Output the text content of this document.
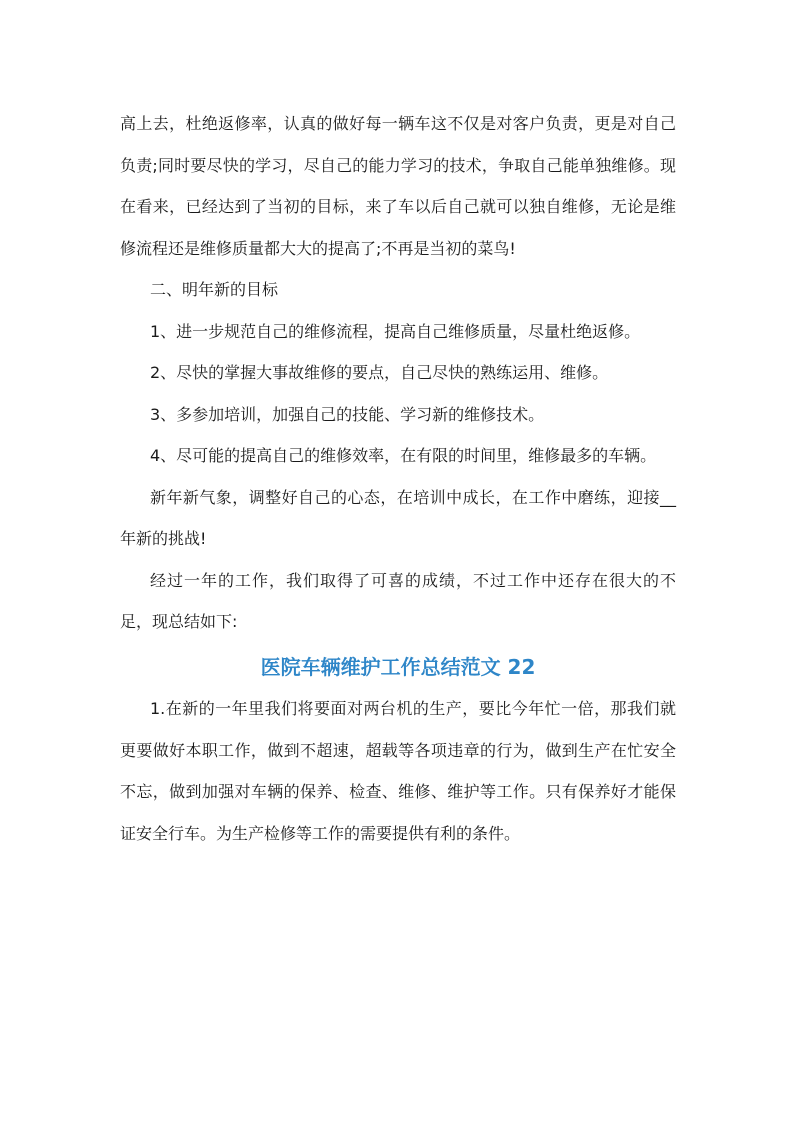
高上去，杜绝返修率，认真的做好每一辆车这不仅是对客户负责，更是对自己负责;同时要尽快的学习，尽自己的能力学习的技术，争取自己能单独维修。现在看来，已经达到了当初的目标，来了车以后自己就可以独自维修，无论是维修流程还是维修质量都大大的提高了;不再是当初的菜鸟!

二、明年新的目标

1、进一步规范自己的维修流程，提高自己维修质量，尽量杜绝返修。

2、尽快的掌握大事故维修的要点，自己尽快的熟练运用、维修。

3、多参加培训，加强自己的技能、学习新的维修技术。

4、尽可能的提高自己的维修效率，在有限的时间里，维修最多的车辆。

新年新气象，调整好自己的心态，在培训中成长，在工作中磨练，迎接__年新的挑战!

经过一年的工作，我们取得了可喜的成绩，不过工作中还存在很大的不足，现总结如下:

医院车辆维护工作总结范文 22

1.在新的一年里我们将要面对两台机的生产，要比今年忙一倍，那我们就更要做好本职工作，做到不超速，超载等各项违章的行为，做到生产在忙安全不忘，做到加强对车辆的保养、检查、维修、维护等工作。只有保养好才能保证安全行车。为生产检修等工作的需要提供有利的条件。
